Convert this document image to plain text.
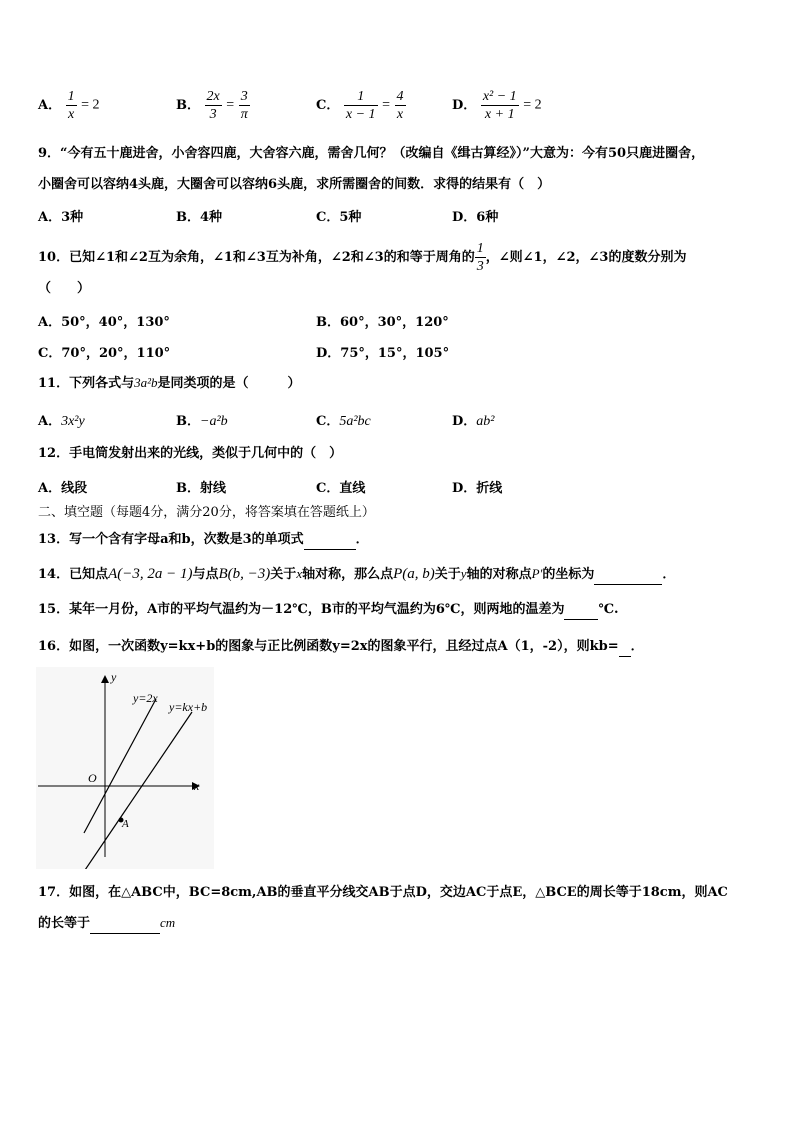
A． $\frac{1}{x} = 2$	B． $\frac{2x}{3} = \frac{3}{\pi}$	C． $\frac{1}{x - 1} = \frac{4}{x}$	D． $\frac{\text{x² − 1}}{x + 1} = 2$
9．“今有五十鹿进舍，小舍容四鹿，大舍容六鹿，需舍几何？（改编自《缉古算经》）”大意为：今有50只鹿进圈舍，
小圈舍可以容纳4头鹿，大圈舍可以容纳6头鹿，求所需圈舍的间数．求得的结果有（　）
A．3种	B．4种	C．5种	D．6种
10．已知∠1和∠2互为余角，∠1和∠3互为补角，∠2和∠3的和等于周角的 $\frac{1}{3}$ ，∠则∠1，∠2，∠3的度数分别为
（　　）
A．50°，40°，130°	B．60°，30°，120°
C．70°，20°，110°	D．75°，15°，105°
11．下列各式与3a²b是同类项的是（　　　）
A．3x²y	B．−a²b	C．5a²bc	D．ab²
12．手电筒发射出来的光线，类似于几何中的（　）
A．线段	B．射线	C．直线	D．折线
二、填空题（每题4分，满分20分，将答案填在答题纸上）
13．写一个含有字母a和b，次数是3的单项式	．
14．已知点A(−3, 2a − 1)与点B(b, −3)关于x轴对称，那么点P(a, b)关于y轴的对称点P′的坐标为	．
15．某年一月份，A市的平均气温约为－12℃，B市的平均气温约为6℃，则两地的温差为	℃.
16．如图，一次函数y=kx+b的图象与正比例函数y=2x的图象平行，且经过点A（1，-2），则kb= ．
y
x
O
y=2x
y=kx+b
A
17．如图，在△ABC中，BC=8cm,AB的垂直平分线交AB于点D，交边AC于点E，△BCE的周长等于18cm，则AC
的长等于	cm
